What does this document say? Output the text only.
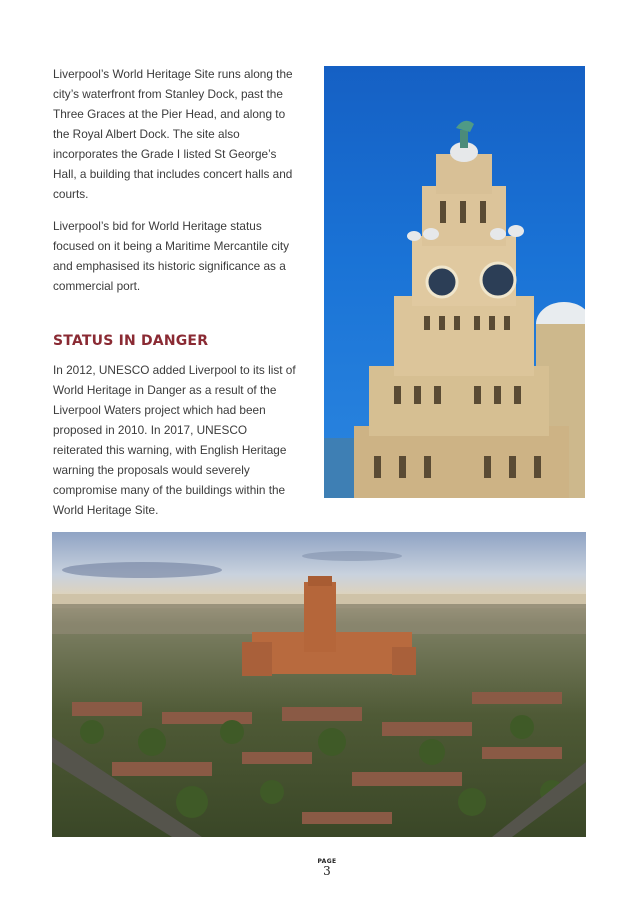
Liverpool’s World Heritage Site runs along the city’s waterfront from Stanley Dock, past the Three Graces at the Pier Head, and along to the Royal Albert Dock. The site also incorporates the Grade I listed St George’s Hall, a building that includes concert halls and courts.

Liverpool’s bid for World Heritage status focused on it being a Maritime Mercantile city and emphasised its historic significance as a commercial port.

STATUS IN DANGER

In 2012, UNESCO added Liverpool to its list of World Heritage in Danger as a result of the Liverpool Waters project which had been proposed in 2010. In 2017, UNESCO reiterated this warning, with English Heritage warning the proposals would severely compromise many of the buildings within the World Heritage Site.

PAGE
3
